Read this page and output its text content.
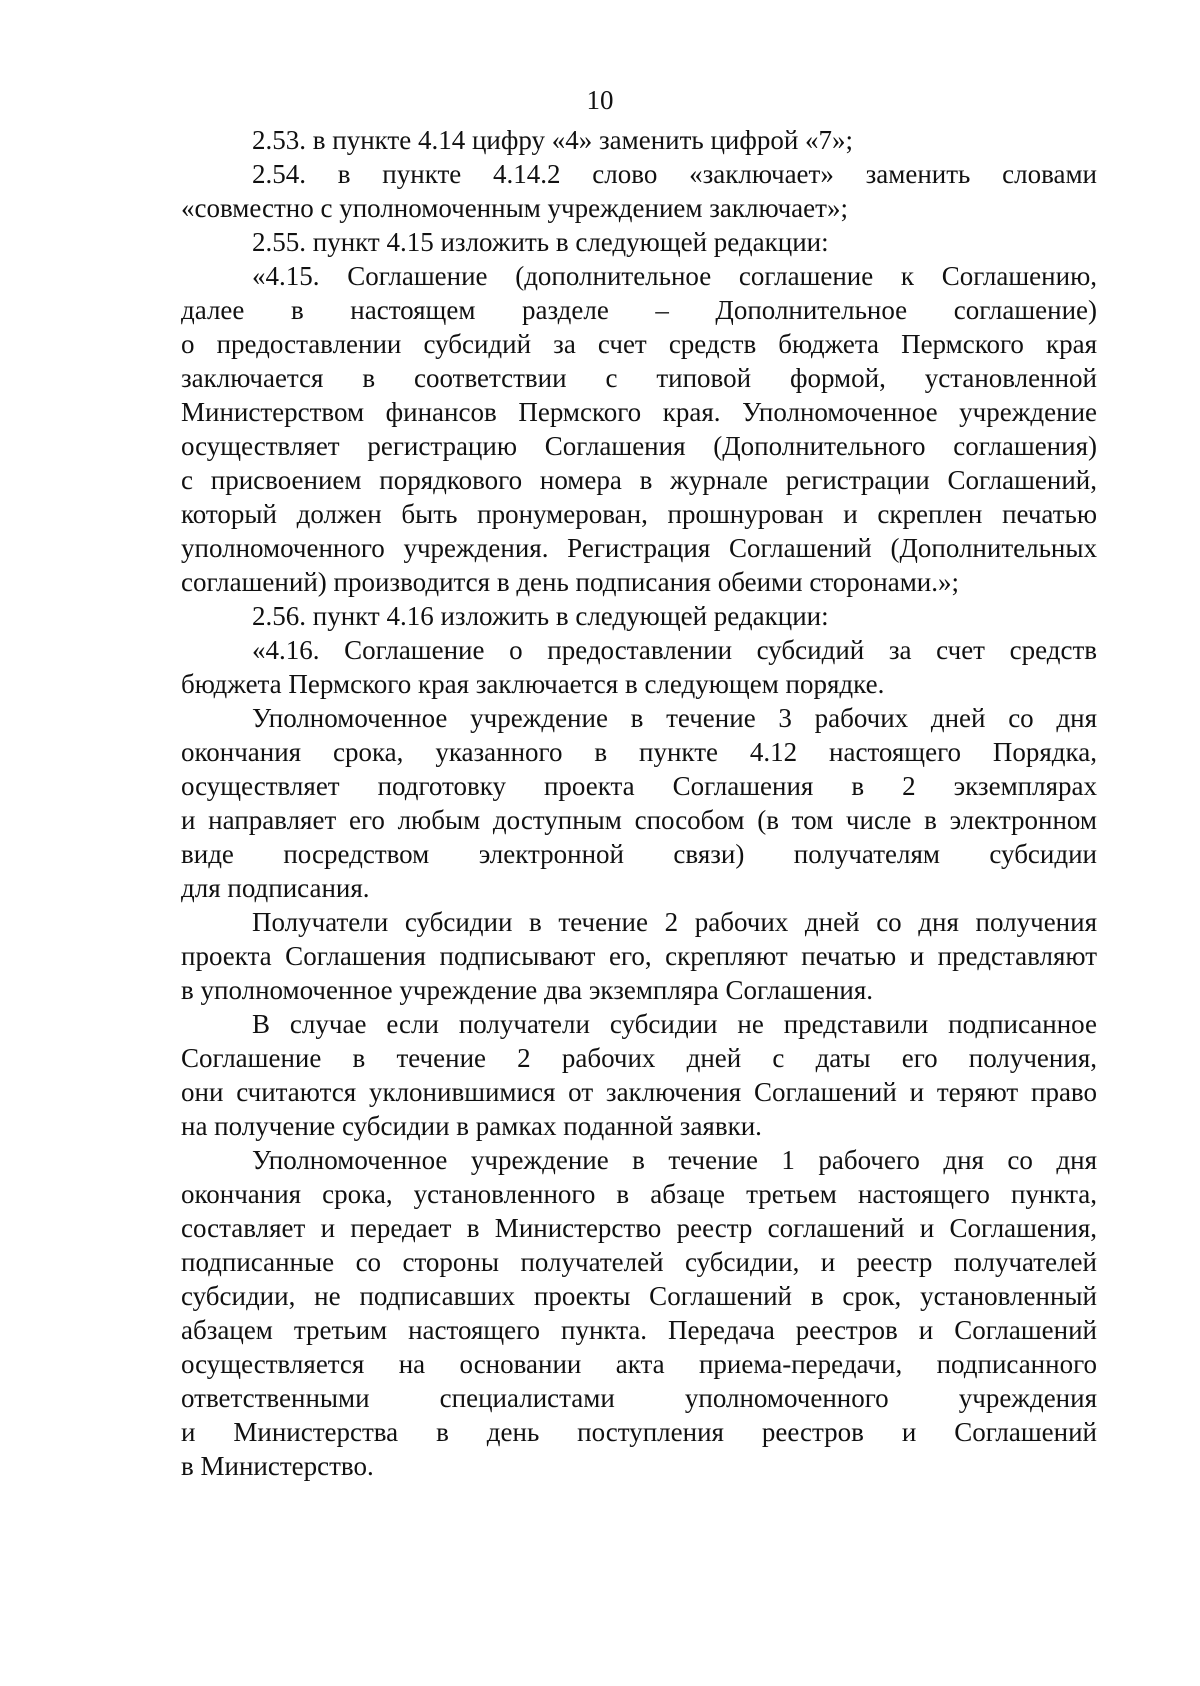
10
2.53. в пункте 4.14 цифру «4» заменить цифрой «7»;
2.54. в пункте 4.14.2 слово «заключает» заменить словами
«совместно с уполномоченным учреждением заключает»;
2.55. пункт 4.15 изложить в следующей редакции:
«4.15. Соглашение (дополнительное соглашение к Соглашению,
далее в настоящем разделе – Дополнительное соглашение)
о предоставлении субсидий за счет средств бюджета Пермского края
заключается в соответствии с типовой формой, установленной
Министерством финансов Пермского края. Уполномоченное учреждение
осуществляет регистрацию Соглашения (Дополнительного соглашения)
с присвоением порядкового номера в журнале регистрации Соглашений,
который должен быть пронумерован, прошнурован и скреплен печатью
уполномоченного учреждения. Регистрация Соглашений (Дополнительных
соглашений) производится в день подписания обеими сторонами.»;
2.56. пункт 4.16 изложить в следующей редакции:
«4.16. Соглашение о предоставлении субсидий за счет средств
бюджета Пермского края заключается в следующем порядке.
Уполномоченное учреждение в течение 3 рабочих дней со дня
окончания срока, указанного в пункте 4.12 настоящего Порядка,
осуществляет подготовку проекта Соглашения в 2 экземплярах
и направляет его любым доступным способом (в том числе в электронном
виде посредством электронной связи) получателям субсидии
для подписания.
Получатели субсидии в течение 2 рабочих дней со дня получения
проекта Соглашения подписывают его, скрепляют печатью и представляют
в уполномоченное учреждение два экземпляра Соглашения.
В случае если получатели субсидии не представили подписанное
Соглашение в течение 2 рабочих дней с даты его получения,
они считаются уклонившимися от заключения Соглашений и теряют право
на получение субсидии в рамках поданной заявки.
Уполномоченное учреждение в течение 1 рабочего дня со дня
окончания срока, установленного в абзаце третьем настоящего пункта,
составляет и передает в Министерство реестр соглашений и Соглашения,
подписанные со стороны получателей субсидии, и реестр получателей
субсидии, не подписавших проекты Соглашений в срок, установленный
абзацем третьим настоящего пункта. Передача реестров и Соглашений
осуществляется на основании акта приема-передачи, подписанного
ответственными специалистами уполномоченного учреждения
и Министерства в день поступления реестров и Соглашений
в Министерство.
